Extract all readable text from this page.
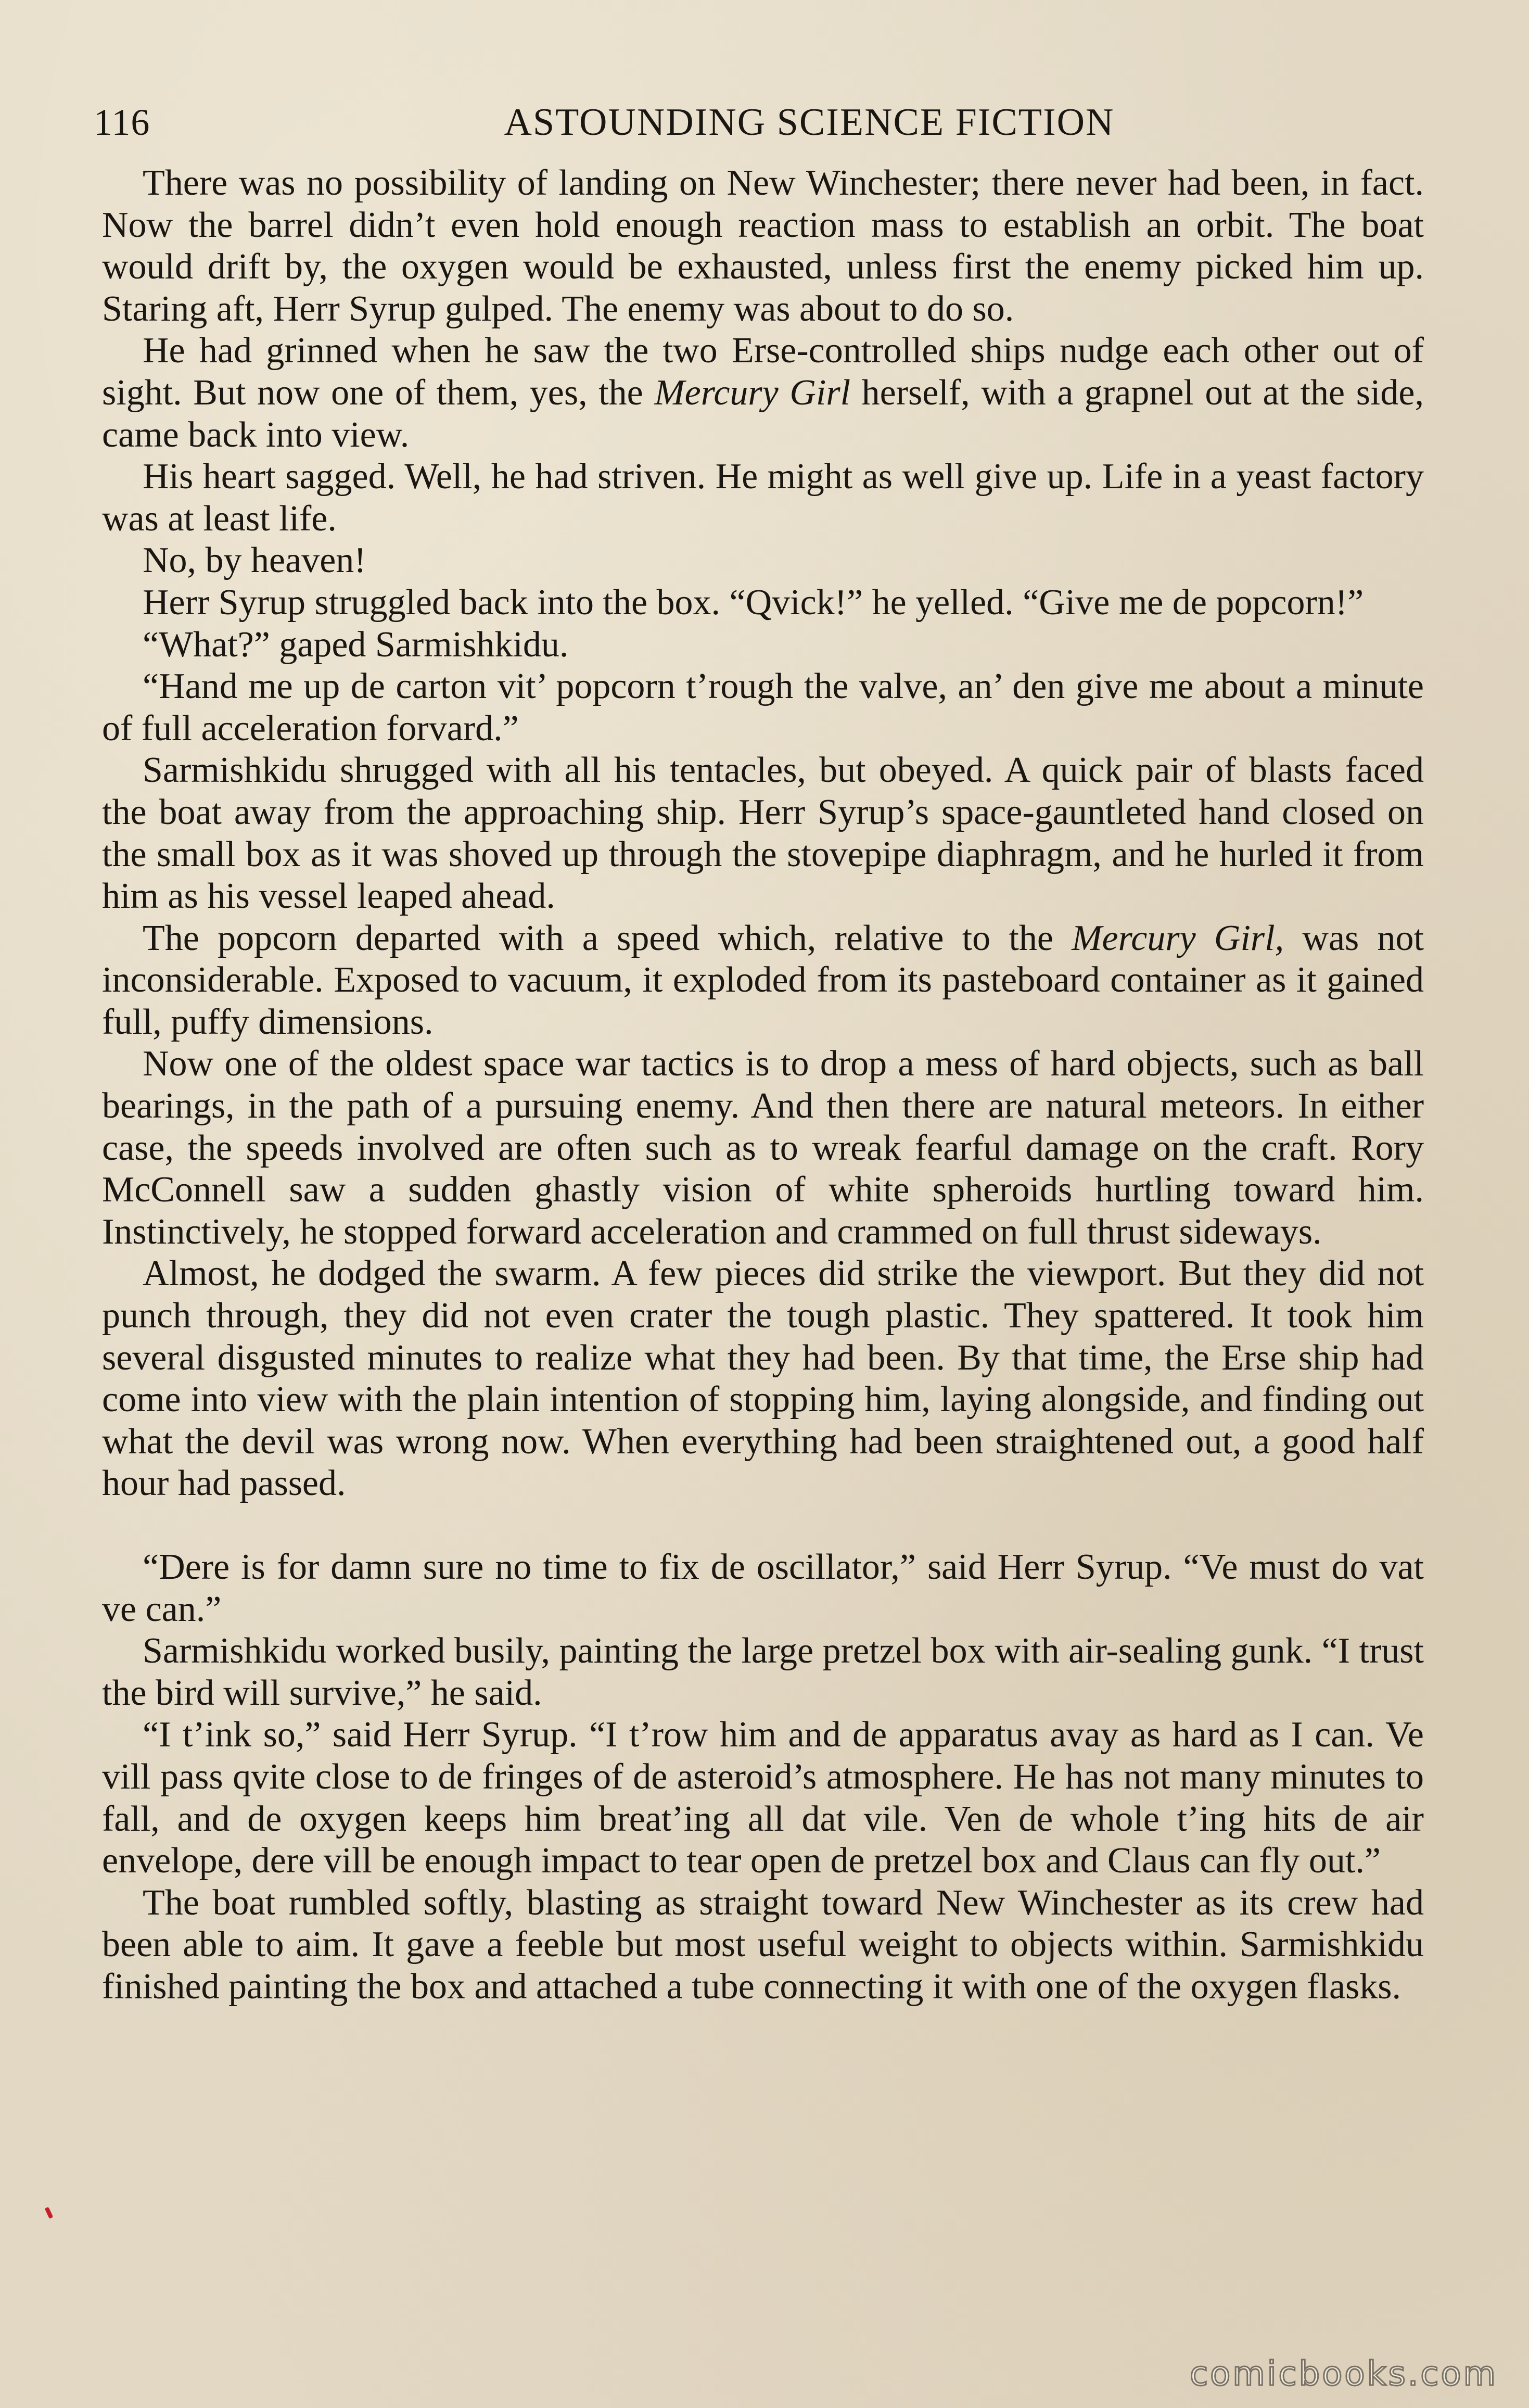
116	ASTOUNDING SCIENCE FICTION

There was no possibility of landing on New Winchester; there never had been, in fact. Now the barrel didn’t even hold enough reaction mass to establish an orbit. The boat would drift by, the oxygen would be exhausted, unless first the enemy picked him up. Staring aft, Herr Syrup gulped. The enemy was about to do so.

He had grinned when he saw the two Erse-controlled ships nudge each other out of sight. But now one of them, yes, the Mercury Girl herself, with a grapnel out at the side, came back into view.

His heart sagged. Well, he had striven. He might as well give up. Life in a yeast factory was at least life.

No, by heaven!

Herr Syrup struggled back into the box. “Qvick!” he yelled. “Give me de popcorn!”

“What?” gaped Sarmishkidu.

“Hand me up de carton vit’ popcorn t’rough the valve, an’ den give me about a minute of full acceleration forvard.”

Sarmishkidu shrugged with all his tentacles, but obeyed. A quick pair of blasts faced the boat away from the approaching ship. Herr Syrup’s space-gauntleted hand closed on the small box as it was shoved up through the stovepipe diaphragm, and he hurled it from him as his vessel leaped ahead.

The popcorn departed with a speed which, relative to the Mercury Girl, was not inconsiderable. Exposed to vacuum, it exploded from its pasteboard container as it gained full, puffy dimensions.

Now one of the oldest space war tactics is to drop a mess of hard objects, such as ball bearings, in the path of a pursuing enemy. And then there are natural meteors. In either case, the speeds involved are often such as to wreak fearful damage on the craft. Rory McConnell saw a sudden ghastly vision of white spheroids hurtling toward him. Instinctively, he stopped forward acceleration and crammed on full thrust sideways.

Almost, he dodged the swarm. A few pieces did strike the viewport. But they did not punch through, they did not even crater the tough plastic. They spattered. It took him several disgusted minutes to realize what they had been. By that time, the Erse ship had come into view with the plain intention of stopping him, laying alongside, and finding out what the devil was wrong now. When everything had been straightened out, a good half hour had passed.

“Dere is for damn sure no time to fix de oscillator,” said Herr Syrup. “Ve must do vat ve can.”

Sarmishkidu worked busily, painting the large pretzel box with air-sealing gunk. “I trust the bird will survive,” he said.

“I t’ink so,” said Herr Syrup. “I t’row him and de apparatus avay as hard as I can. Ve vill pass qvite close to de fringes of de asteroid’s atmosphere. He has not many minutes to fall, and de oxygen keeps him breat’ing all dat vile. Ven de whole t’ing hits de air envelope, dere vill be enough impact to tear open de pretzel box and Claus can fly out.”

The boat rumbled softly, blasting as straight toward New Winchester as its crew had been able to aim. It gave a feeble but most useful weight to objects within. Sarmishkidu finished painting the box and attached a tube connecting it with one of the oxygen flasks.

comicbooks.com
